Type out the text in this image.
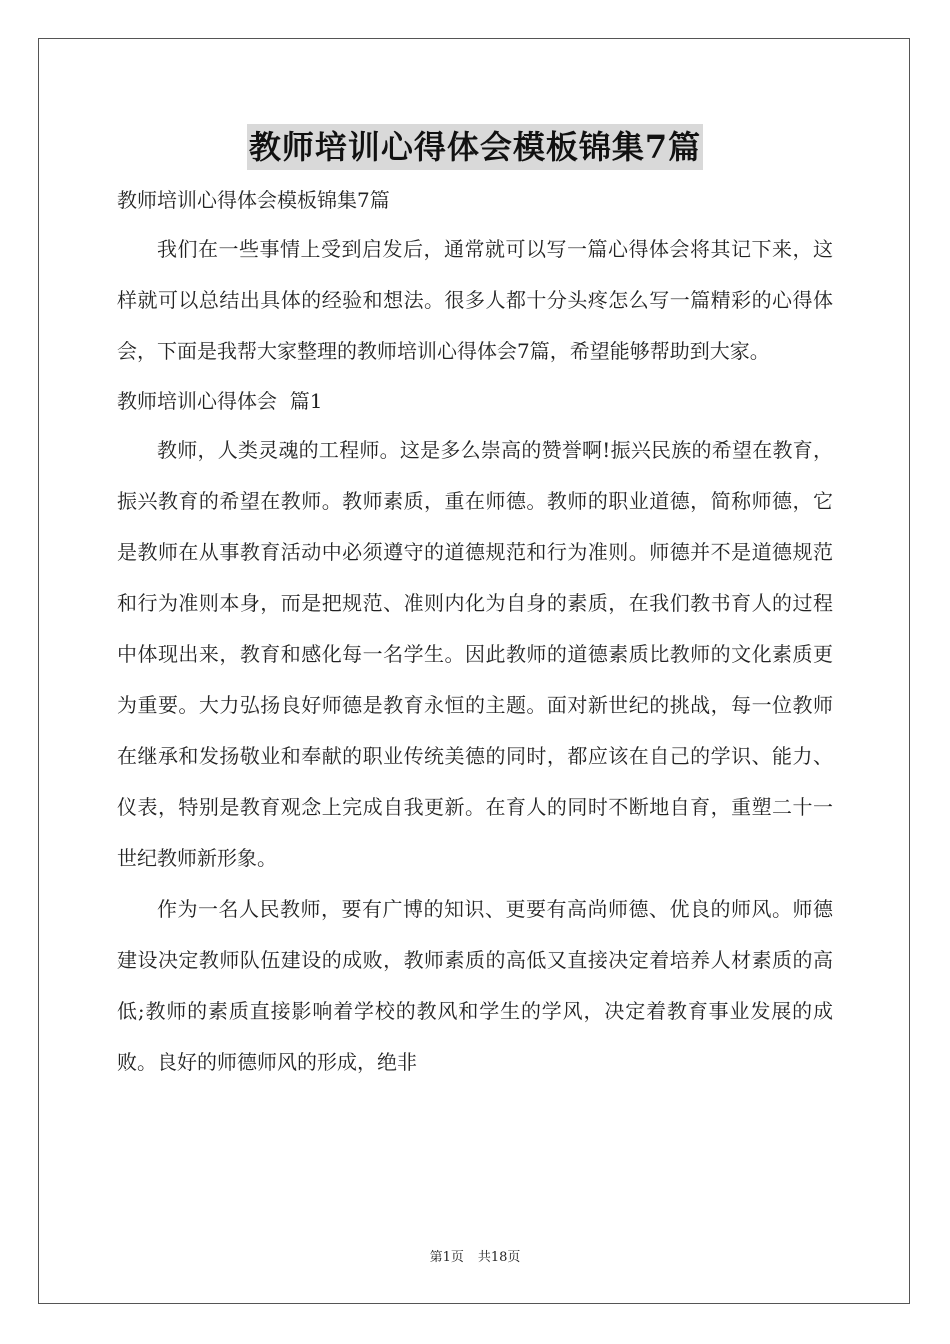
教师培训心得体会模板锦集7篇

教师培训心得体会模板锦集7篇

我们在一些事情上受到启发后，通常就可以写一篇心得体会将其记下来，这样就可以总结出具体的经验和想法。很多人都十分头疼怎么写一篇精彩的心得体会，下面是我帮大家整理的教师培训心得体会7篇，希望能够帮助到大家。

教师培训心得体会  篇1

教师，人类灵魂的工程师。这是多么崇高的赞誉啊!振兴民族的希望在教育，振兴教育的希望在教师。教师素质，重在师德。教师的职业道德，简称师德，它是教师在从事教育活动中必须遵守的道德规范和行为准则。师德并不是道德规范和行为准则本身，而是把规范、准则内化为自身的素质，在我们教书育人的过程中体现出来，教育和感化每一名学生。因此教师的道德素质比教师的文化素质更为重要。大力弘扬良好师德是教育永恒的主题。面对新世纪的挑战，每一位教师在继承和发扬敬业和奉献的职业传统美德的同时，都应该在自己的学识、能力、仪表，特别是教育观念上完成自我更新。在育人的同时不断地自育，重塑二十一世纪教师新形象。

作为一名人民教师，要有广博的知识、更要有高尚师德、优良的师风。师德建设决定教师队伍建设的成败，教师素质的高低又直接决定着培养人材素质的高低;教师的素质直接影响着学校的教风和学生的学风，决定着教育事业发展的成败。良好的师德师风的形成，绝非

第1页 共18页
